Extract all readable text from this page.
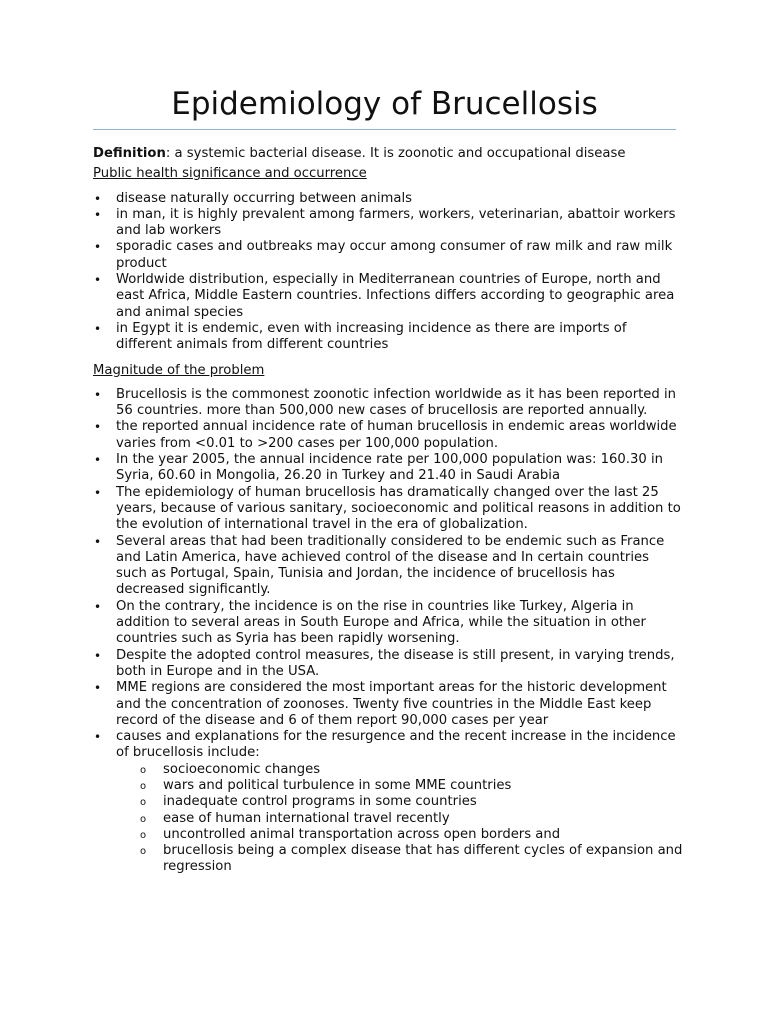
Epidemiology of Brucellosis

Definition: a systemic bacterial disease. It is zoonotic and occupational disease

Public health significance and occurrence

• disease naturally occurring between animals
• in man, it is highly prevalent among farmers, workers, veterinarian, abattoir workers and lab workers
• sporadic cases and outbreaks may occur among consumer of raw milk and raw milk product
• Worldwide distribution, especially in Mediterranean countries of Europe, north and east Africa, Middle Eastern countries. Infections differs according to geographic area and animal species
• in Egypt it is endemic, even with increasing incidence as there are imports of different animals from different countries

Magnitude of the problem

• Brucellosis is the commonest zoonotic infection worldwide as it has been reported in 56 countries. more than 500,000 new cases of brucellosis are reported annually.
• the reported annual incidence rate of human brucellosis in endemic areas worldwide varies from <0.01 to >200 cases per 100,000 population.
• In the year 2005, the annual incidence rate per 100,000 population was: 160.30 in Syria, 60.60 in Mongolia, 26.20 in Turkey and 21.40 in Saudi Arabia
• The epidemiology of human brucellosis has dramatically changed over the last 25 years, because of various sanitary, socioeconomic and political reasons in addition to the evolution of international travel in the era of globalization.
• Several areas that had been traditionally considered to be endemic such as France and Latin America, have achieved control of the disease and In certain countries such as Portugal, Spain, Tunisia and Jordan, the incidence of brucellosis has decreased significantly.
• On the contrary, the incidence is on the rise in countries like Turkey, Algeria in addition to several areas in South Europe and Africa, while the situation in other countries such as Syria has been rapidly worsening.
• Despite the adopted control measures, the disease is still present, in varying trends, both in Europe and in the USA.
• MME regions are considered the most important areas for the historic development and the concentration of zoonoses. Twenty five countries in the Middle East keep record of the disease and 6 of them report 90,000 cases per year
• causes and explanations for the resurgence and the recent increase in the incidence of brucellosis include:
o socioeconomic changes
o wars and political turbulence in some MME countries
o inadequate control programs in some countries
o ease of human international travel recently
o uncontrolled animal transportation across open borders and
o brucellosis being a complex disease that has different cycles of expansion and regression
